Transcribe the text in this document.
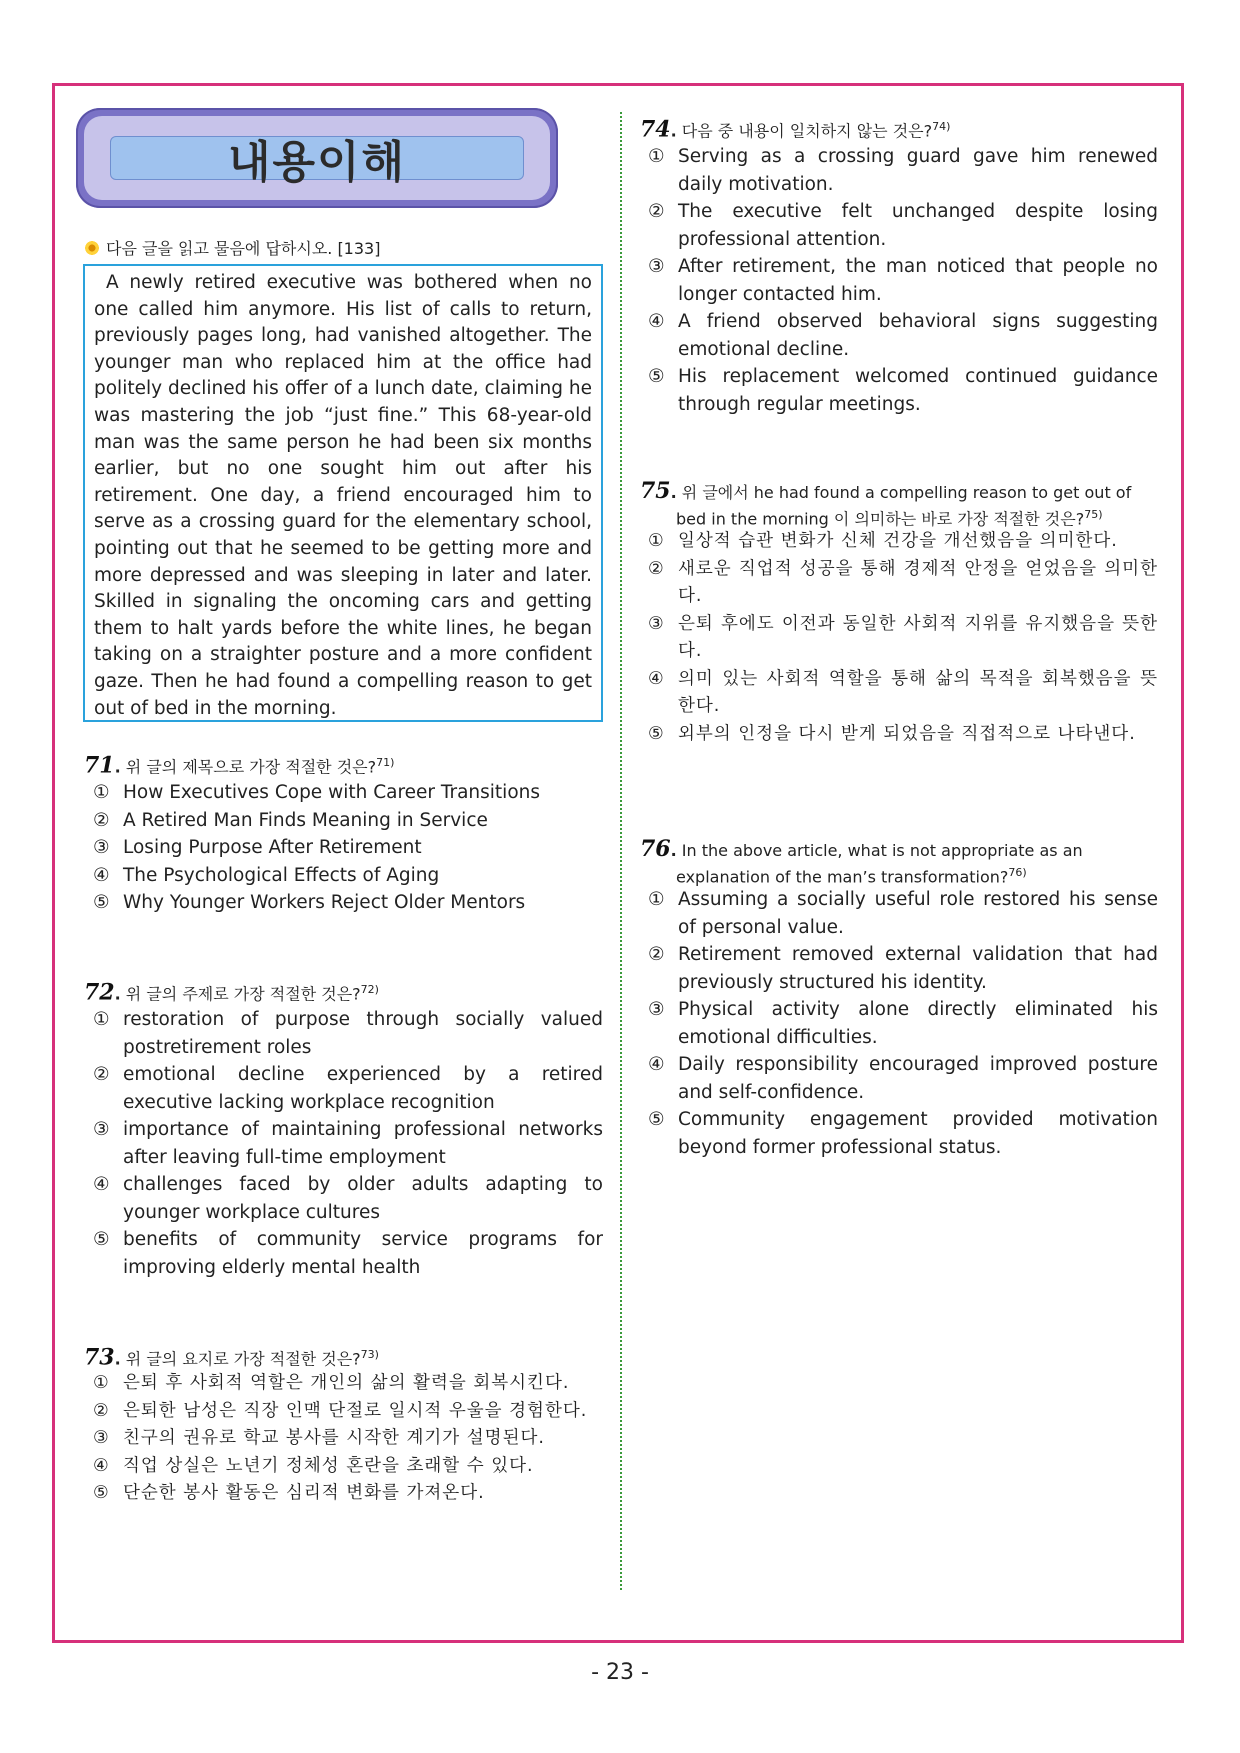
내용이해
다음 글을 읽고 물음에 답하시오. [133]
A newly retired executive was bothered when no one called him anymore. His list of calls to return, previously pages long, had vanished altogether. The younger man who replaced him at the office had politely declined his offer of a lunch date, claiming he was mastering the job “just fine.” This 68-year-old man was the same person he had been six months earlier, but no one sought him out after his retirement. One day, a friend encouraged him to serve as a crossing guard for the elementary school, pointing out that he seemed to be getting more and more depressed and was sleeping in later and later. Skilled in signaling the oncoming cars and getting them to halt yards before the white lines, he began taking on a straighter posture and a more confident gaze. Then he had found a compelling reason to get out of bed in the morning.
71. 위 글의 제목으로 가장 적절한 것은?$^{71)}$
① How Executives Cope with Career Transitions
② A Retired Man Finds Meaning in Service
③ Losing Purpose After Retirement
④ The Psychological Effects of Aging
⑤ Why Younger Workers Reject Older Mentors
72. 위 글의 주제로 가장 적절한 것은?$^{72)}$
① restoration of purpose through socially valued postretirement roles
② emotional decline experienced by a retired executive lacking workplace recognition
③ importance of maintaining professional networks after leaving full-time employment
④ challenges faced by older adults adapting to younger workplace cultures
⑤ benefits of community service programs for improving elderly mental health
73. 위 글의 요지로 가장 적절한 것은?$^{73)}$
① 은퇴 후 사회적 역할은 개인의 삶의 활력을 회복시킨다.
② 은퇴한 남성은 직장 인맥 단절로 일시적 우울을 경험한다.
③ 친구의 권유로 학교 봉사를 시작한 계기가 설명된다.
④ 직업 상실은 노년기 정체성 혼란을 초래할 수 있다.
⑤ 단순한 봉사 활동은 심리적 변화를 가져온다.
74. 다음 중 내용이 일치하지 않는 것은?$^{74)}$
① Serving as a crossing guard gave him renewed daily motivation.
② The executive felt unchanged despite losing professional attention.
③ After retirement, the man noticed that people no longer contacted him.
④ A friend observed behavioral signs suggesting emotional decline.
⑤ His replacement welcomed continued guidance through regular meetings.
75. 위 글에서 he had found a compelling reason to get out of bed in the morning 이 의미하는 바로 가장 적절한 것은?$^{75)}$
① 일상적 습관 변화가 신체 건강을 개선했음을 의미한다.
② 새로운 직업적 성공을 통해 경제적 안정을 얻었음을 의미한다.
③ 은퇴 후에도 이전과 동일한 사회적 지위를 유지했음을 뜻한다.
④ 의미 있는 사회적 역할을 통해 삶의 목적을 회복했음을 뜻한다.
⑤ 외부의 인정을 다시 받게 되었음을 직접적으로 나타낸다.
76. In the above article, what is not appropriate as an explanation of the man’s transformation?$^{76)}$
① Assuming a socially useful role restored his sense of personal value.
② Retirement removed external validation that had previously structured his identity.
③ Physical activity alone directly eliminated his emotional difficulties.
④ Daily responsibility encouraged improved posture and self-confidence.
⑤ Community engagement provided motivation beyond former professional status.
- 23 -
